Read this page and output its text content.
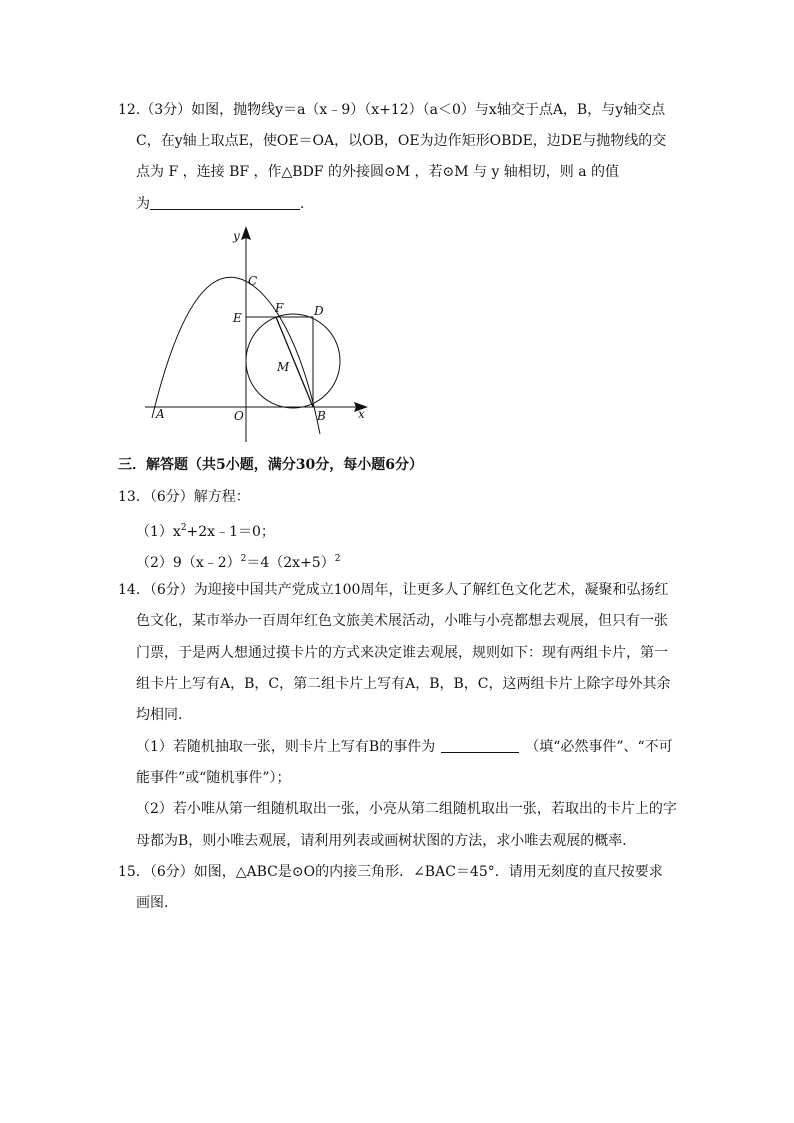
12.（3分）如图，抛物线y＝a（x﹣9）（x+12）（a＜0）与x轴交于点A，B，与y轴交点
C，在y轴上取点E，使OE＝OA，以OB，OE为边作矩形OBDE，边DE与抛物线的交
点为 F ，连接 BF ，作△BDF 的外接圆⊙M ，若⊙M 与 y 轴相切，则 a 的值
为	．
y
x
C
E
F	D
M
A	O	B
三．解答题（共5小题，满分30分，每小题6分）
13．（6分）解方程：
$(1)x^2+2x﹣1=0$；
$(2)9(x﹣2)^2=4(2x+5)^2$
14．（6分）为迎接中国共产党成立100周年，让更多人了解红色文化艺术，凝聚和弘扬红
色文化，某市举办一百周年红色文旅美术展活动，小唯与小亮都想去观展，但只有一张
门票，于是两人想通过摸卡片的方式来决定谁去观展，规则如下：现有两组卡片，第一
组卡片上写有A，B，C，第二组卡片上写有A，B，B，C，这两组卡片上除字母外其余
均相同．
（1）若随机抽取一张，则卡片上写有B的事件为	（填“必然事件”、“不可
能事件”或“随机事件”）；
（2）若小唯从第一组随机取出一张，小亮从第二组随机取出一张，若取出的卡片上的字
母都为B，则小唯去观展，请利用列表或画树状图的方法，求小唯去观展的概率．
15．（6分）如图，△ABC是⊙O的内接三角形．∠BAC＝45°．请用无刻度的直尺按要求
画图．
